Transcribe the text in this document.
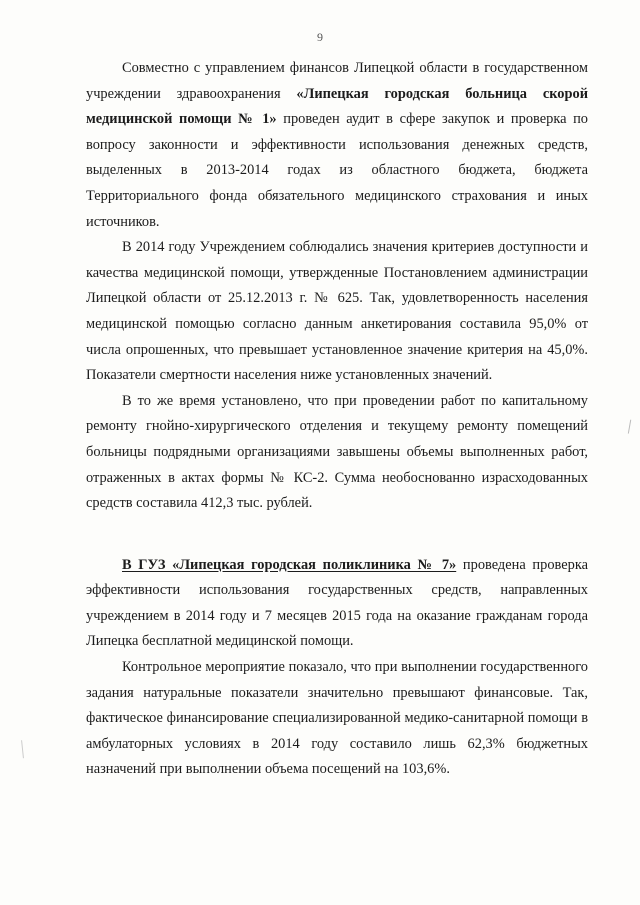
9

Совместно с управлением финансов Липецкой области в государственном учреждении здравоохранения «Липецкая городская больница скорой медицинской помощи № 1» проведен аудит в сфере закупок и проверка по вопросу законности и эффективности использования денежных средств, выделенных в 2013-2014 годах из областного бюджета, бюджета Территориального фонда обязательного медицинского страхования и иных источников.

В 2014 году Учреждением соблюдались значения критериев доступности и качества медицинской помощи, утвержденные Постановлением администрации Липецкой области от 25.12.2013 г. № 625. Так, удовлетворенность населения медицинской помощью согласно данным анкетирования составила 95,0% от числа опрошенных, что превышает установленное значение критерия на 45,0%. Показатели смертности населения ниже установленных значений.

В то же время установлено, что при проведении работ по капитальному ремонту гнойно-хирургического отделения и текущему ремонту помещений больницы подрядными организациями завышены объемы выполненных работ, отраженных в актах формы № КС-2. Сумма необоснованно израсходованных средств составила 412,3 тыс. рублей.

В ГУЗ «Липецкая городская поликлиника № 7» проведена проверка эффективности использования государственных средств, направленных учреждением в 2014 году и 7 месяцев 2015 года на оказание гражданам города Липецка бесплатной медицинской помощи.

Контрольное мероприятие показало, что при выполнении государственного задания натуральные показатели значительно превышают финансовые. Так, фактическое финансирование специализированной медико-санитарной помощи в амбулаторных условиях в 2014 году составило лишь 62,3% бюджетных назначений при выполнении объема посещений на 103,6%.
